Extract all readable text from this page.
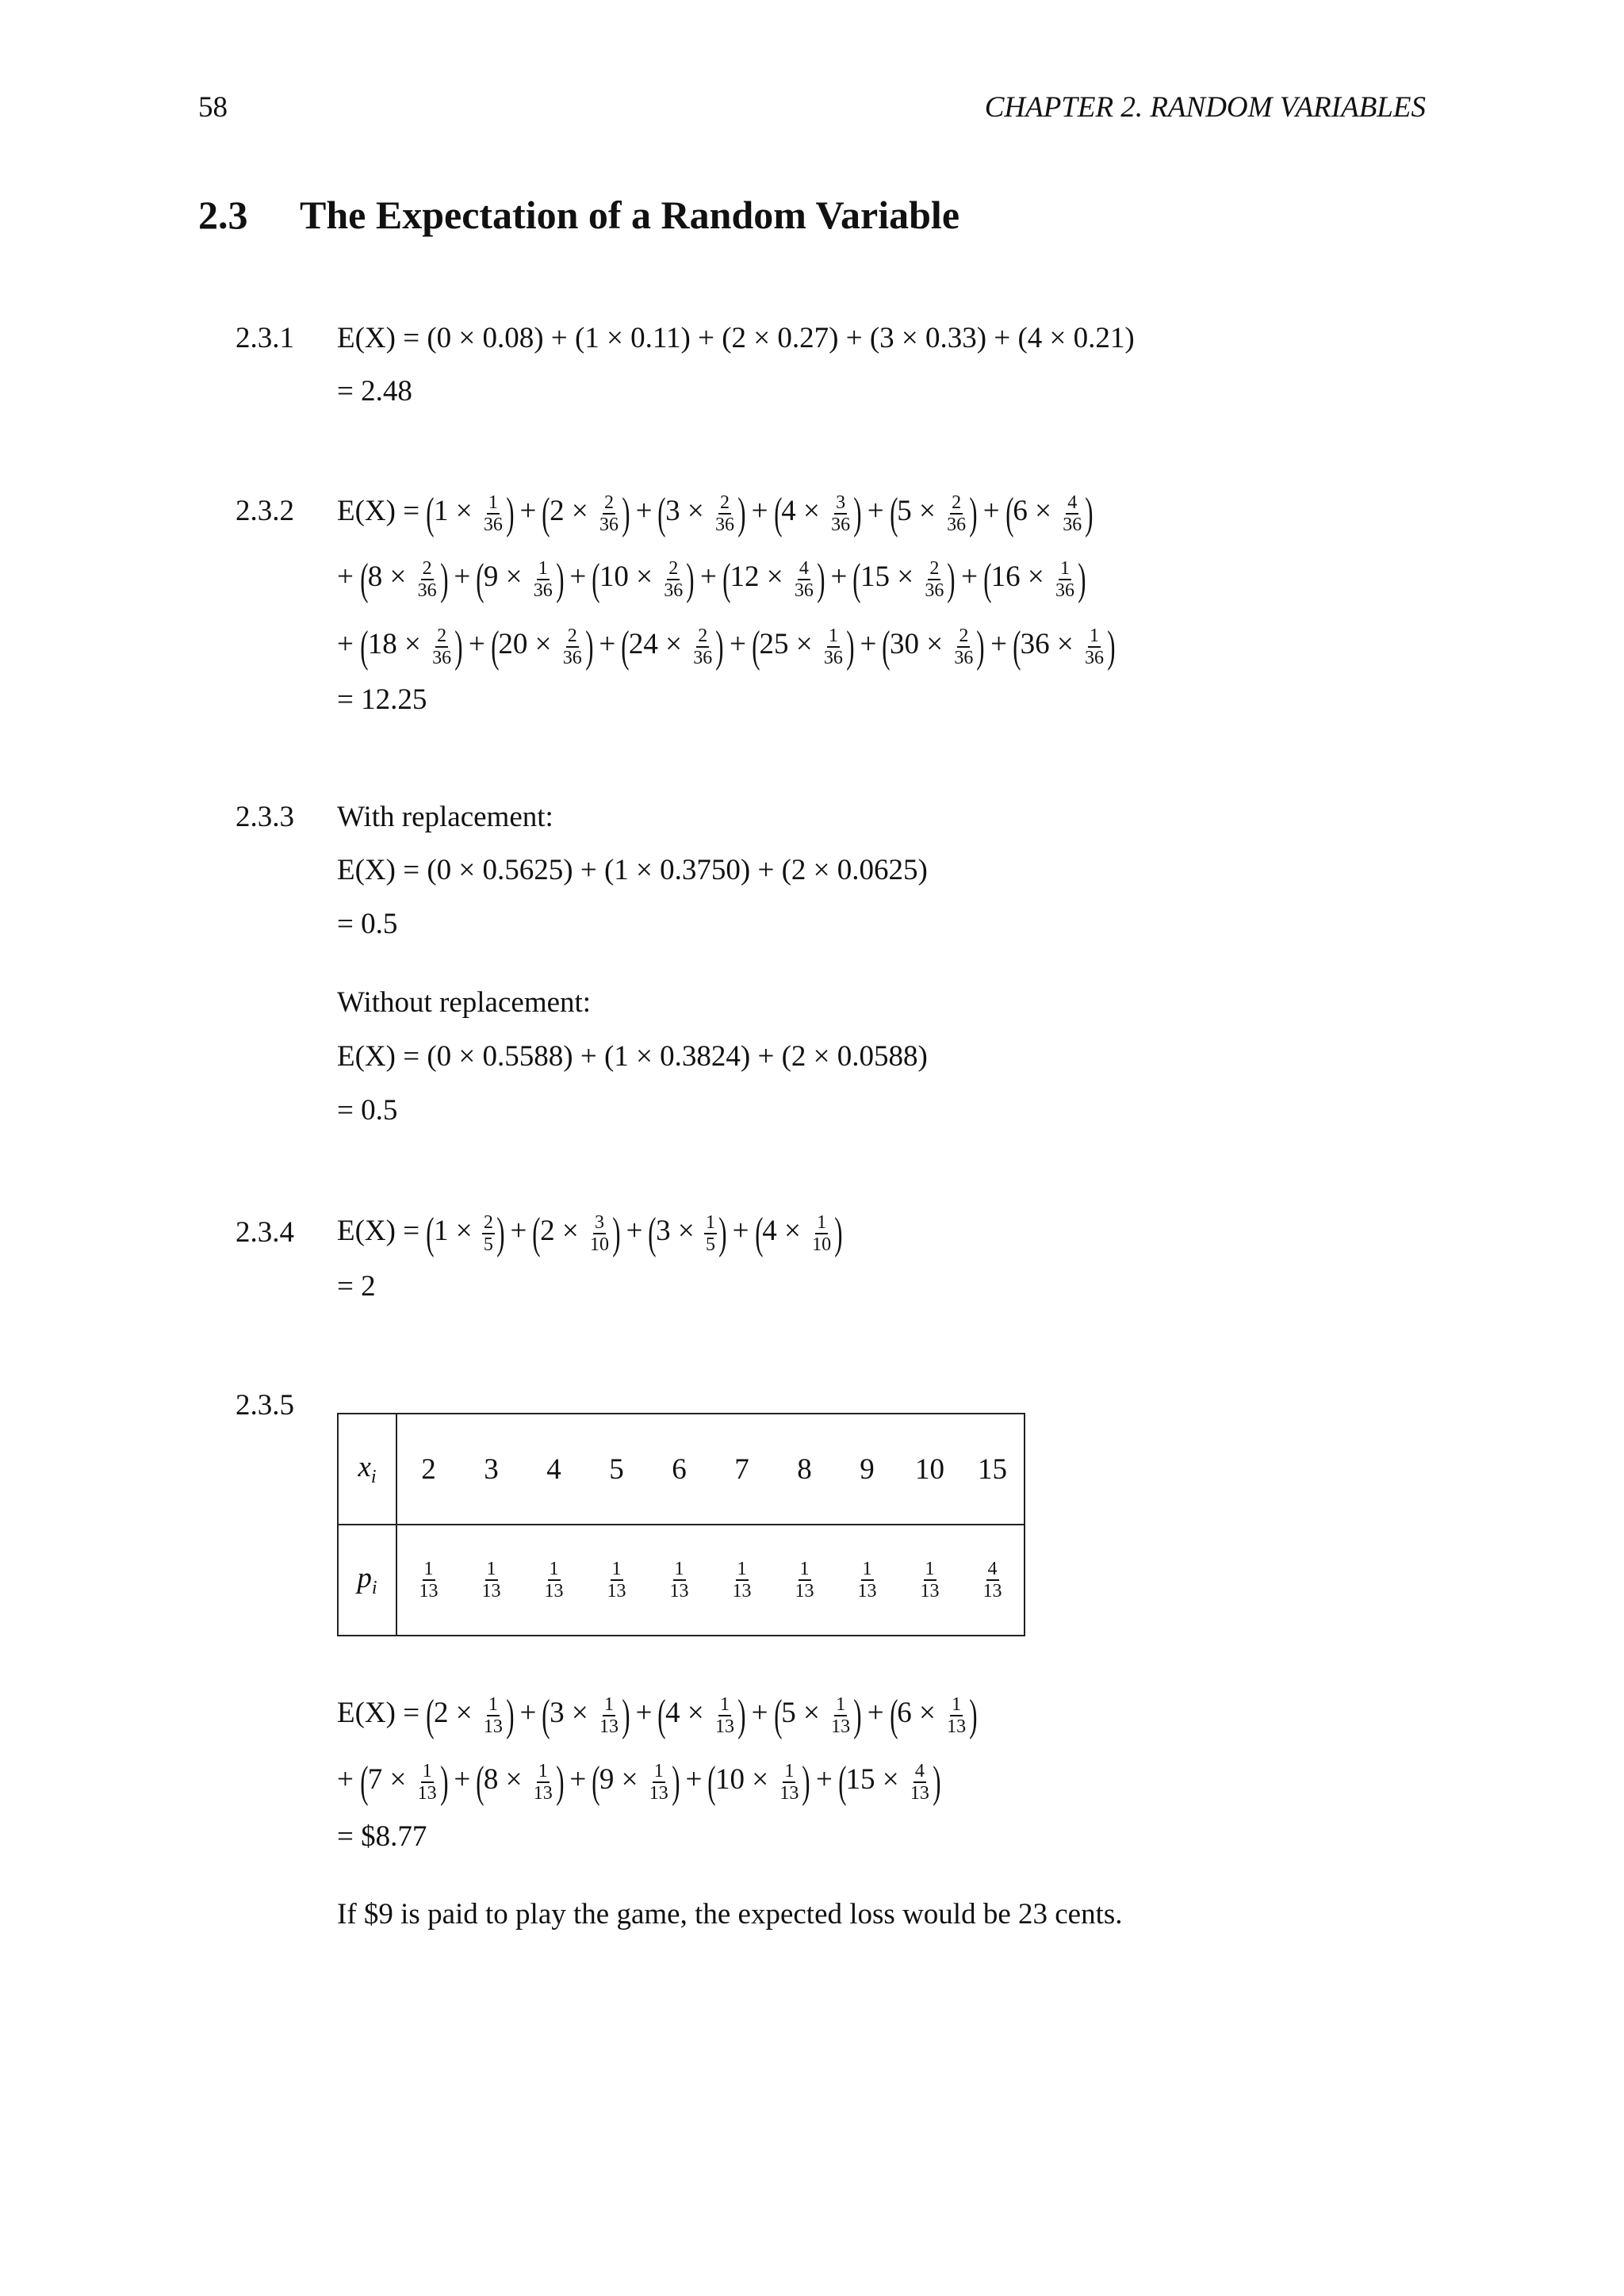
58	CHAPTER 2. RANDOM VARIABLES
2.3 The Expectation of a Random Variable
2.3.1 E(X) = (0 × 0.08) + (1 × 0.11) + (2 × 0.27) + (3 × 0.33) + (4 × 0.21)
= 2.48
2.3.2 $E(X) = (1 \times \frac{1}{36}$ ) + ($2 \times \frac{2}{36}$ ) + ($3 \times \frac{2}{36}$ ) + ($4 \times \frac{3}{36}$ ) + ($5 \times \frac{2}{36}$ ) + ($6 \times \frac{4}{36}$ )
+ ($8 \times \frac{2}{36}$ ) + ($9 \times \frac{1}{36}$ ) + ($10 \times \frac{2}{36}$ ) + ($12 \times \frac{4}{36}$ ) + ($15 \times \frac{2}{36}$ ) + ($16 \times \frac{1}{36}$ )
+ ($18 \times \frac{2}{36}$ ) + ($20 \times \frac{2}{36}$ ) + ($24 \times \frac{2}{36}$ ) + ($25 \times \frac{1}{36}$ ) + ($30 \times \frac{2}{36}$ ) + ($36 \times \frac{1}{36}$ )
= 12.25
2.3.3 With replacement:
E(X) = (0 × 0.5625) + (1 × 0.3750) + (2 × 0.0625)
= 0.5
Without replacement:
E(X) = (0 × 0.5588) + (1 × 0.3824) + (2 × 0.0588)
= 0.5
2.3.4 $E(X) = (1 \times \frac{2}{5}$ ) + ($2 \times \frac{3}{10}$ ) + ($3 \times \frac{1}{5}$ ) + ($4 \times \frac{1}{10}$ )
= 2
2.3.5
$x_i$	2	3	4	5	6	7	8	9	10	15
$p_i$	$\frac{1}{13}$	$\frac{1}{13}$	$\frac{1}{13}$	$\frac{1}{13}$	$\frac{1}{13}$	$\frac{1}{13}$	$\frac{1}{13}$	$\frac{1}{13}$	$\frac{1}{13}$	$\frac{4}{13}$
$E(X) = (2 \times \frac{1}{13}$ ) + ($3 \times \frac{1}{13}$ ) + ($4 \times \frac{1}{13}$ ) + ($5 \times \frac{1}{13}$ ) + ($6 \times \frac{1}{13}$ )
+ ($7 \times \frac{1}{13}$ ) + ($8 \times \frac{1}{13}$ ) + ($9 \times \frac{1}{13}$ ) + ($10 \times \frac{1}{13}$ ) + ($15 \times \frac{4}{13}$ )
= $8.77
If $9 is paid to play the game, the expected loss would be 23 cents.
